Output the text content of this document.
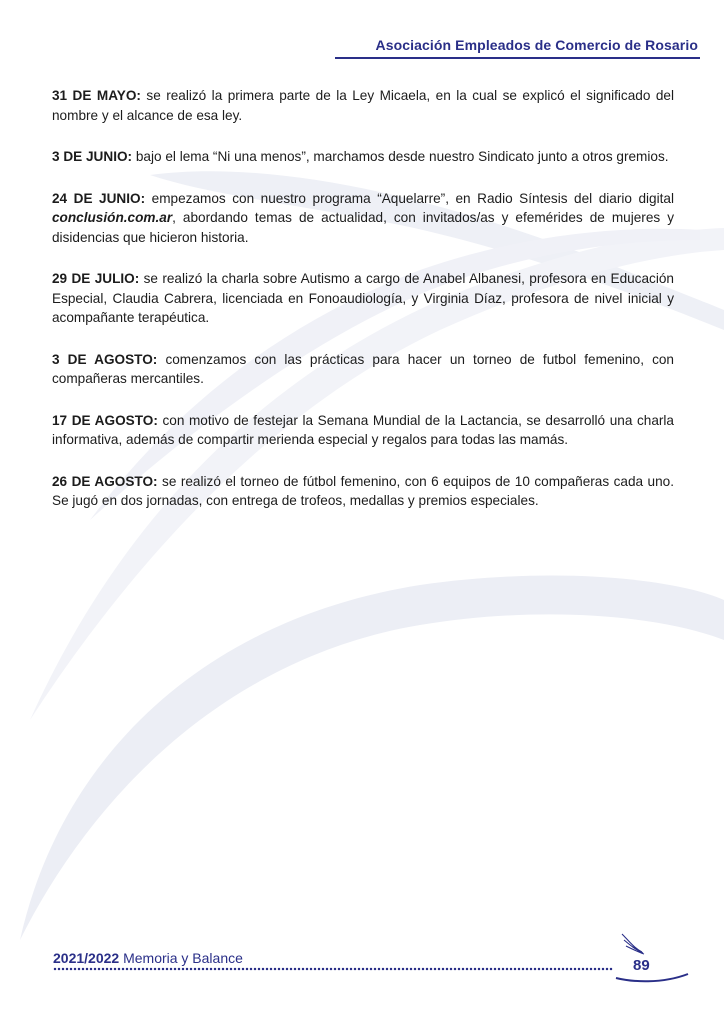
Asociación Empleados de Comercio de Rosario

31 DE MAYO: se realizó la primera parte de la Ley Micaela, en la cual se explicó el significado del nombre y el alcance de esa ley.

3 DE JUNIO: bajo el lema “Ni una menos”, marchamos desde nuestro Sindicato junto a otros gremios.

24 DE JUNIO: empezamos con nuestro programa “Aquelarre”, en Radio Síntesis del diario digital conclusión.com.ar, abordando temas de actualidad, con invitados/as y efemérides de mujeres y disidencias que hicieron historia.

29 DE JULIO: se realizó la charla sobre Autismo a cargo de Anabel Albanesi, profesora en Educación Especial, Claudia Cabrera, licenciada en Fonoaudiología, y Virginia Díaz, profesora de nivel inicial y acompañante terapéutica.

3 DE AGOSTO: comenzamos con las prácticas para hacer un torneo de futbol femenino, con compañeras mercantiles.

17 DE AGOSTO: con motivo de festejar la Semana Mundial de la Lactancia, se desarrolló una charla informativa, además de compartir merienda especial y regalos para todas las mamás.

26 DE AGOSTO: se realizó el torneo de fútbol femenino, con 6 equipos de 10 compañeras cada uno. Se jugó en dos jornadas, con entrega de trofeos, medallas y premios especiales.

2021/2022 Memoria y Balance	89
